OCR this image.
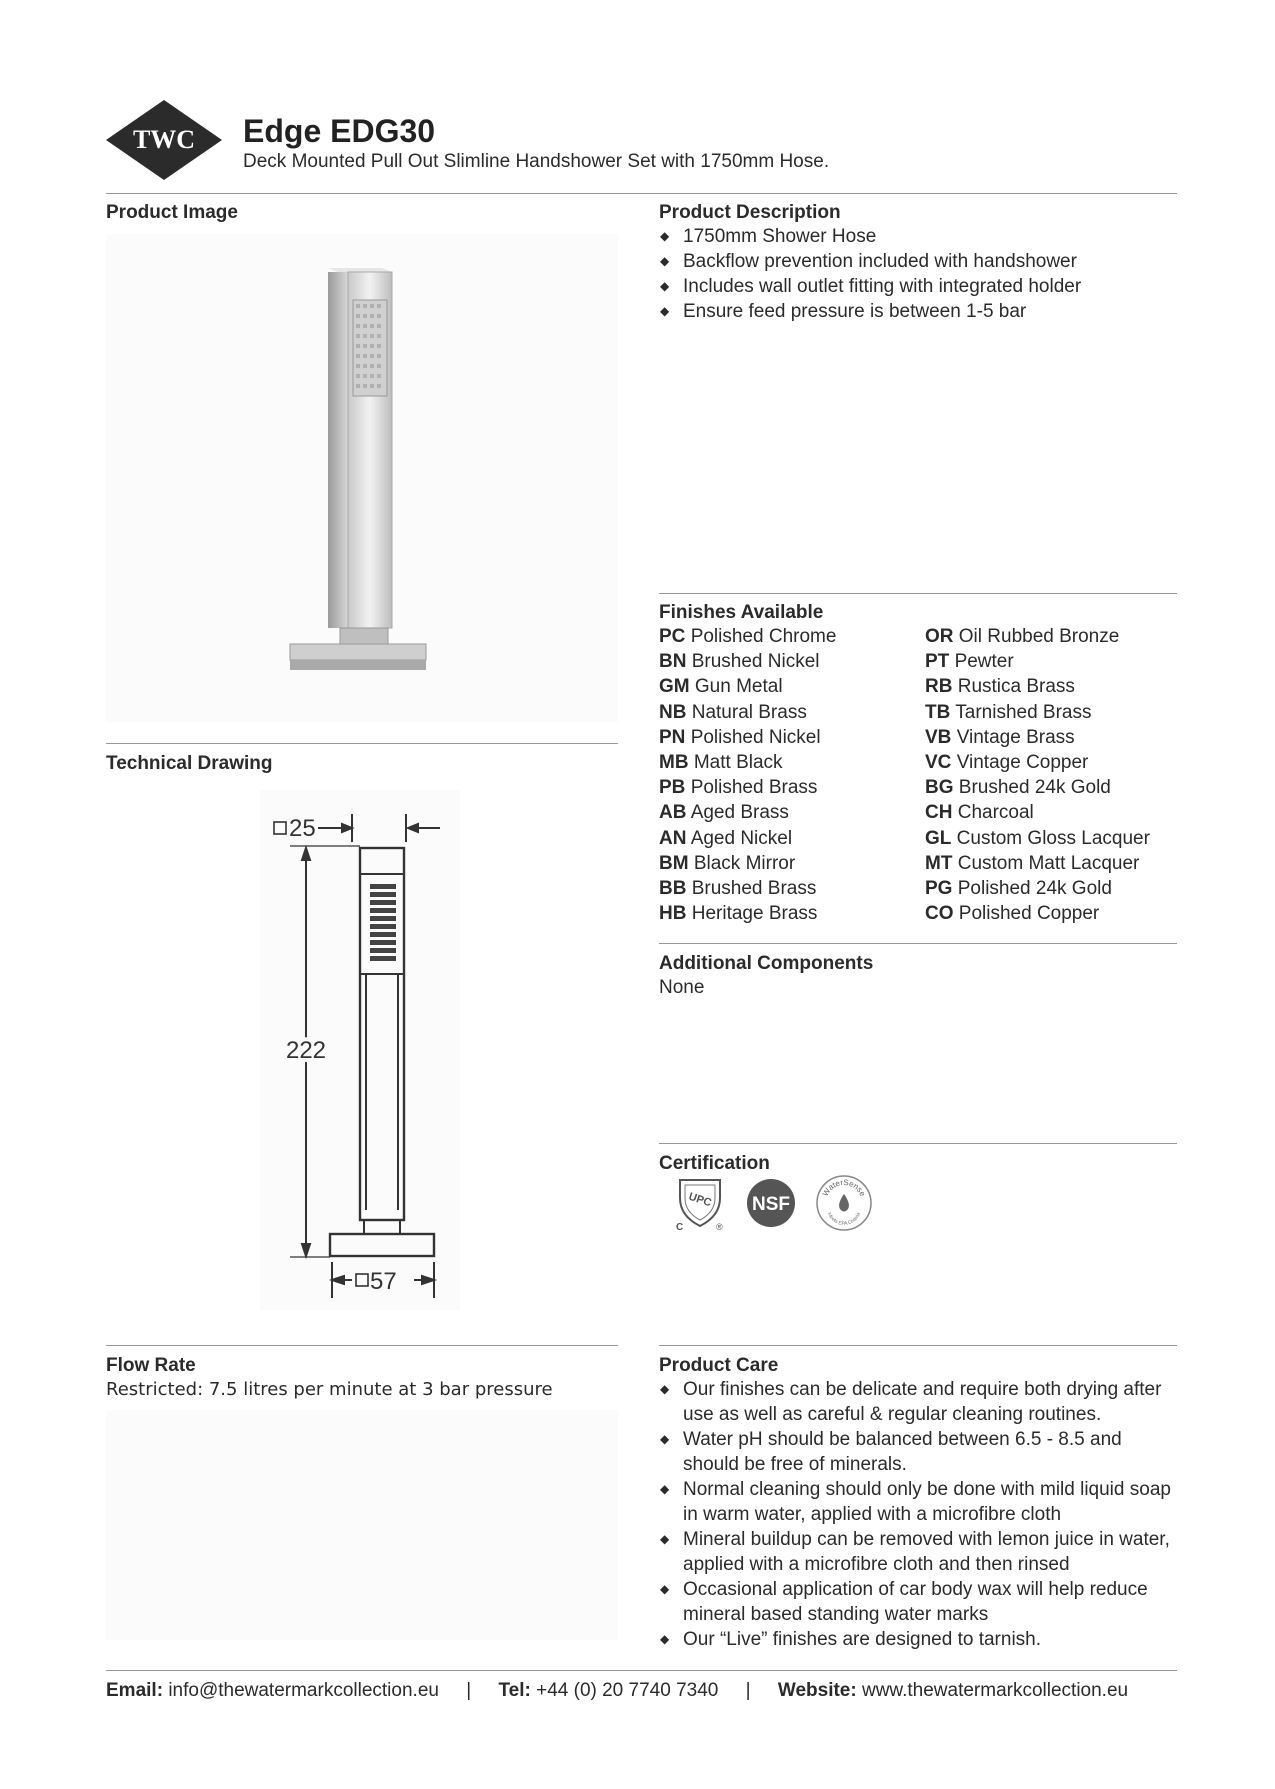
TWC Edge EDG30
Deck Mounted Pull Out Slimline Handshower Set with 1750mm Hose.
Product Image
Technical Drawing
25
222
57
Flow Rate
Restricted: 7.5 litres per minute at 3 bar pressure
Product Description
◆ 1750mm Shower Hose
◆ Backflow prevention included with handshower
◆ Includes wall outlet fitting with integrated holder
◆ Ensure feed pressure is between 1-5 bar
Finishes Available
PC Polished Chrome
BN Brushed Nickel
GM Gun Metal
NB Natural Brass
PN Polished Nickel
MB Matt Black
PB Polished Brass
AB Aged Brass
AN Aged Nickel
BM Black Mirror
BB Brushed Brass
HB Heritage Brass
OR Oil Rubbed Bronze
PT Pewter
RB Rustica Brass
TB Tarnished Brass
VB Vintage Brass
VC Vintage Copper
BG Brushed 24k Gold
CH Charcoal
GL Custom Gloss Lacquer
MT Custom Matt Lacquer
PG Polished 24k Gold
CO Polished Copper
Additional Components
None
Certification
UPC
C	®
NSF
WaterSense
Meets EPA Criteria
Product Care
◆ Our finishes can be delicate and require both drying after use as well as careful & regular cleaning routines.
◆ Water pH should be balanced between 6.5 - 8.5 and should be free of minerals.
◆ Normal cleaning should only be done with mild liquid soap in warm water, applied with a microfibre cloth
◆ Mineral buildup can be removed with lemon juice in water, applied with a microfibre cloth and then rinsed
◆ Occasional application of car body wax will help reduce mineral based standing water marks
◆ Our “Live” finishes are designed to tarnish.
Email: info@thewatermarkcollection.eu | Tel: +44 (0) 20 7740 7340 | Website: www.thewatermarkcollection.eu
